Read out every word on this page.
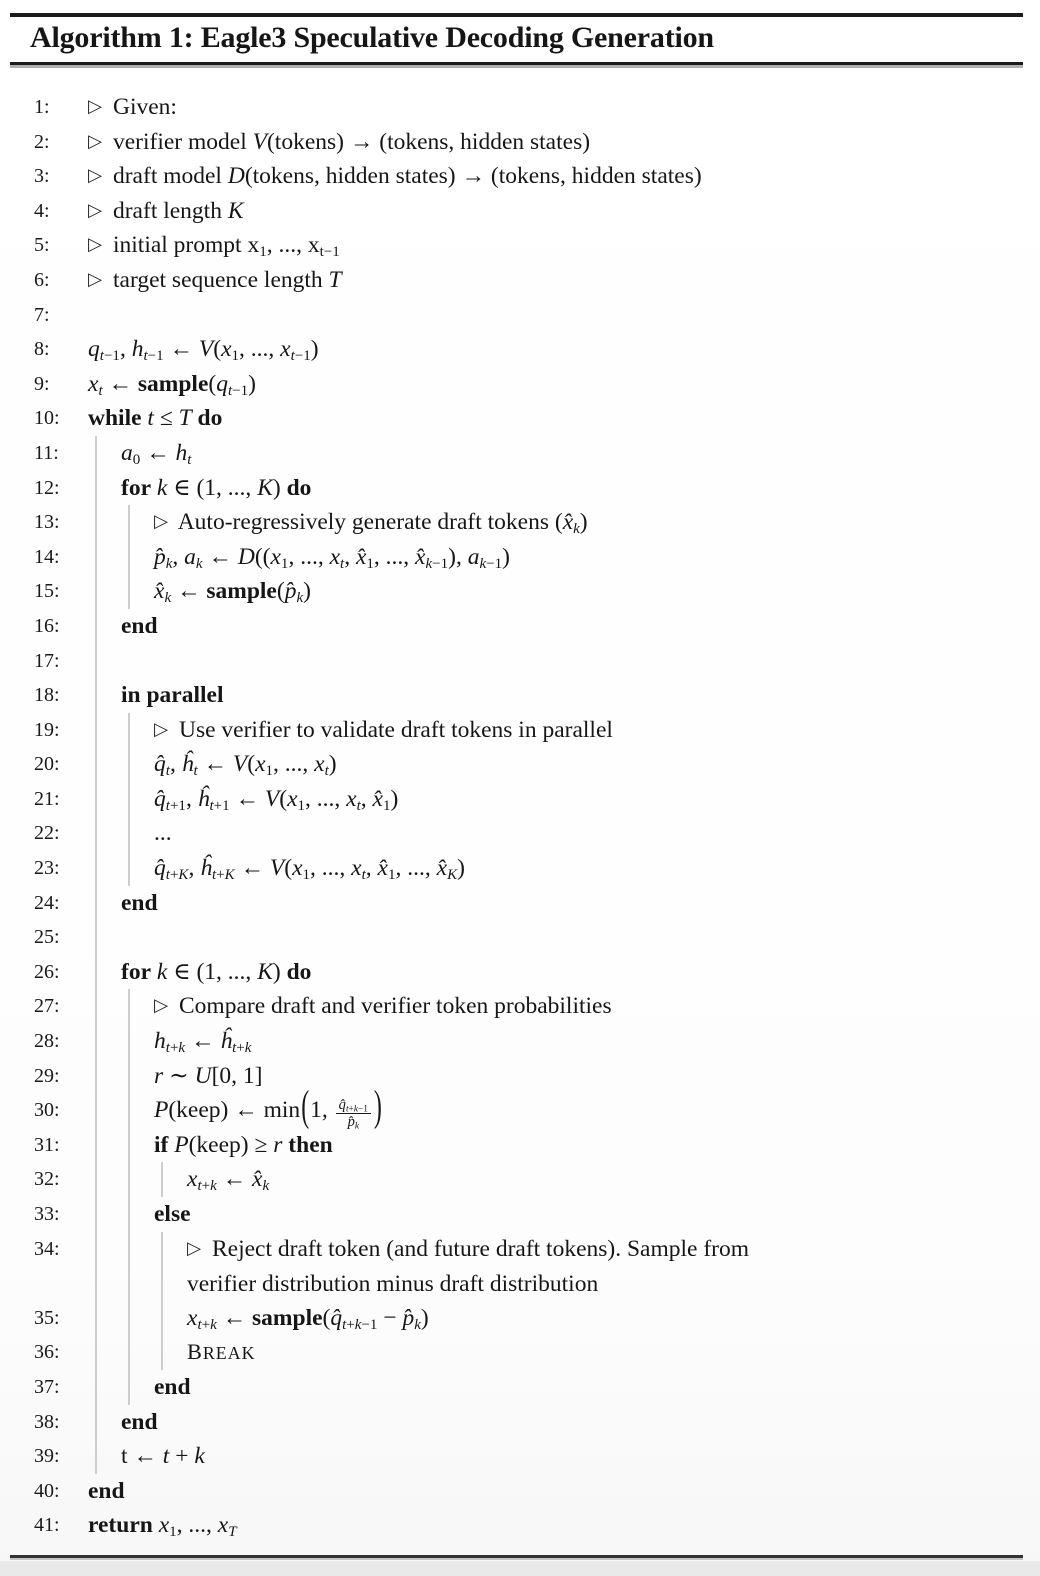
Algorithm 1: Eagle3 Speculative Decoding Generation
1: ▷ Given:
2: ▷ verifier model V(tokens) → (tokens, hidden states)
3: ▷ draft model D(tokens, hidden states) → (tokens, hidden states)
4: ▷ draft length K
5: ▷ initial prompt $x_1$, ..., $x_{t-1}$
6: ▷ target sequence length T
7:
8: $q_{t-1}$, $h_{t-1}$ ← $V(x_1$, ..., $x_{t-1}$)
9: $x_t$ ← $sample(q_{t-1})$
10: while t ≤ T do
11:	$a_0$ ← $h_t$
12:	for k ∈ (1, ..., K) do
13:	▷ Auto-regressively generate draft tokens $(x̂_k)$
14:	$p̂_k$, $a_k$ ← $D((x_1$, ..., $x_t$, $x̂_1$, ..., $x̂_{k-1}$), $a_{k-1}$)
15:	$x̂_k$ ← $sample(p̂_k)$
16:	end
17:
18:	in parallel
19:	▷ Use verifier to validate draft tokens in parallel
20:	$q̂_t$, $ĥ_t$ ← $V(x_1$, ..., $x_t$)
21:	$q̂_{t+1}$, $ĥ_{t+1}$ ← $V(x_1$, ..., $x_t$, $x̂_1$)
22:	...
23:	$q̂_{t+K}$, $ĥ_{t+K}$ ← $V(x_1$, ..., $x_t$, $x̂_1$, ..., $x̂_K$)
24:	end
25:
26:	for k ∈ (1, ..., K) do
27:	▷ Compare draft and verifier token probabilities
28:	$h_{t+k}$ ← $ĥ_{t+k}$
29:	r ∼ U[0, 1]
30:	P(keep) ← min(1, $\frac{q̂_{t+k-1}}{p̂_k}$ )
31:	if P(keep) ≥ r then
32:	$x_{t+k}$ ← $x̂_k$
33:	else
34:	▷ Reject draft token (and future draft tokens). Sample from
verifier distribution minus draft distribution
35:	$x_{t+k}$ ← $sample(q̂_{t+k-1}$ − $p̂_k$)
36:	BREAK
37:	end
38:	end
39:	t ← t + k
40: end
41: return $x_1$, ..., $x_T$
